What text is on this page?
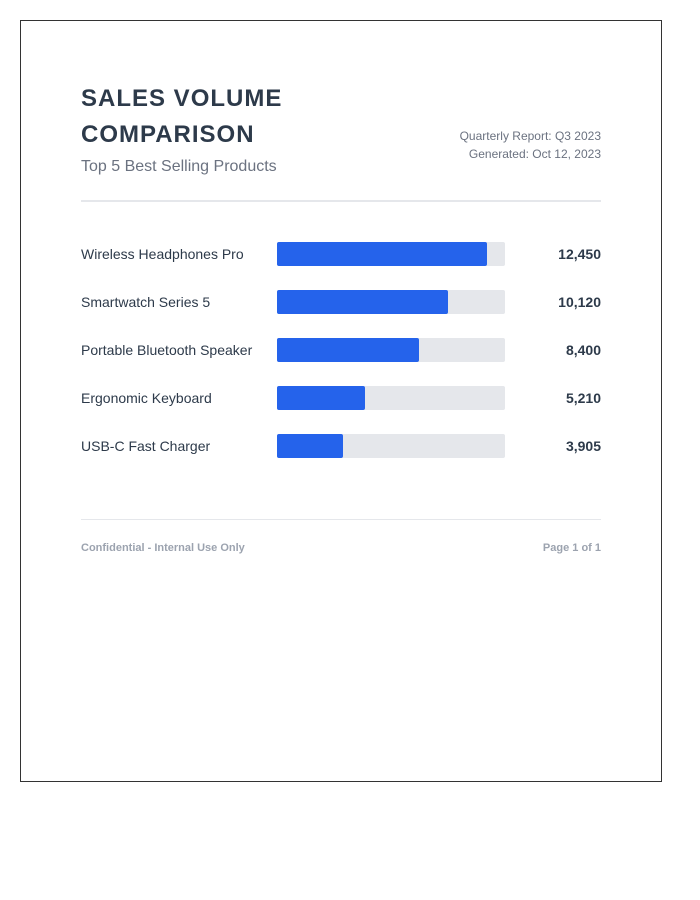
SALES VOLUME COMPARISON
Top 5 Best Selling Products
Quarterly Report: Q3 2023
Generated: Oct 12, 2023
Wireless Headphones Pro	12,450
Smartwatch Series 5	10,120
Portable Bluetooth Speaker	8,400
Ergonomic Keyboard	5,210
USB-C Fast Charger	3,905
Confidential - Internal Use Only	Page 1 of 1
